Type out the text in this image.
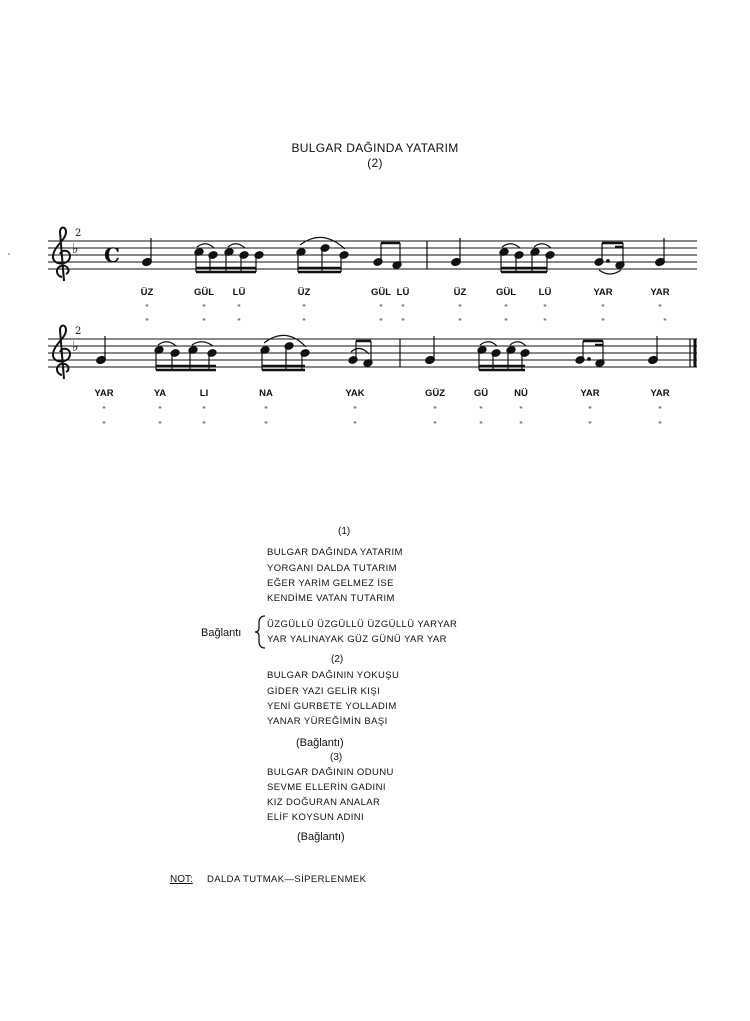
BULGAR DAĞINDA YATARIM
(2)
♭
♭
2
2
C
ÜZ	GÜL LÜ	ÜZ	GÜL LÜ	ÜZ	GÜL LÜ	YAR	YAR
"	"	"	"	" "	"	"	"	"	"
"	"	"	"	" "	"	"	"	"	"
YAR	YA	LI	NA	YAK	GÜZ	GÜ	NÜ	YAR	YAR
"	"	"	"	"	"	"	"	"	"
"	"	"	"	"	"	"	"	"	"
(1)
BULGAR DAĞINDA YATARIM
YORGANI DALDA TUTARIM
EĞER YARİM GELMEZ İSE
KENDİME VATAN TUTARIM
Bağlantı
ÜZGÜLLÜ ÜZGÜLLÜ ÜZGÜLLÜ YARYAR
YAR YALINAYAK GÜZ GÜNÜ YAR YAR
(2)
BULGAR DAĞININ YOKUŞU
GİDER YAZI GELİR KIŞI
YENİ GURBETE YOLLADIM
YANAR YÜREĞİMİN BAŞI
(Bağlantı)
(3)
BULGAR DAĞININ ODUNU
SEVME ELLERİN GADINI
KIZ DOĞURAN ANALAR
ELİF KOYSUN ADINI
(Bağlantı)
NOT: DALDA TUTMAK—SİPERLENMEK
